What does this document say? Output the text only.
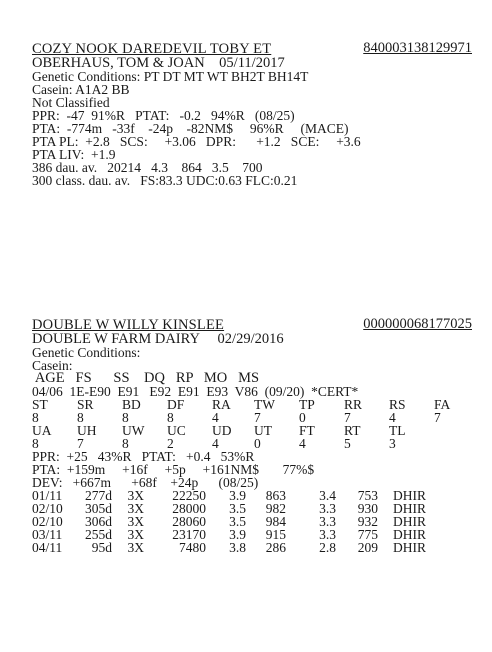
COZY NOOK DAREDEVIL TOBY ET	840003138129971
OBERHAUS, TOM & JOAN    05/11/2017
Genetic Conditions: PT DT MT WT BH2T BH14T
Casein: A1A2 BB
Not Classified
PPR:  -47  91%R   PTAT:   -0.2   94%R   (08/25)
PTA:  -774m   -33f    -24p    -82NM$     96%R     (MACE)
PTA PL:  +2.8   SCS:     +3.06   DPR:      +1.2   SCE:     +3.6
PTA LIV:  +1.9
386 dau. av.   20214   4.3    864   3.5    700
300 class. dau. av.   FS:83.3 UDC:0.63 FLC:0.21
DOUBLE W WILLY KINSLEE	000000068177025
DOUBLE W FARM DAIRY     02/29/2016
Genetic Conditions:
Casein:
AGE   FS      SS    DQ   RP   MO   MS
04/06  1E-E90  E91   E92  E91  E93  V86  (09/20)  *CERT*
ST	SR	BD	DF	RA	TW	TP	RR	RS	FA
8	8	8	8	4	7	0	7	4	7
UA	UH	UW	UC	UD	UT	FT	RT	TL
8	7	8	2	4	0	4	5	3
PPR:  +25   43%R   PTAT:   +0.4   53%R
PTA:  +159m     +16f     +5p     +161NM$       77%$
DEV:   +667m      +68f    +24p      (08/25)
01/11	277d	3X	22250	3.9	863	3.4	753	DHIR
02/10	305d	3X	28000	3.5	982	3.3	930	DHIR
02/10	306d	3X	28060	3.5	984	3.3	932	DHIR
03/11	255d	3X	23170	3.9	915	3.3	775	DHIR
04/11	95d	3X	7480	3.8	286	2.8	209	DHIR
